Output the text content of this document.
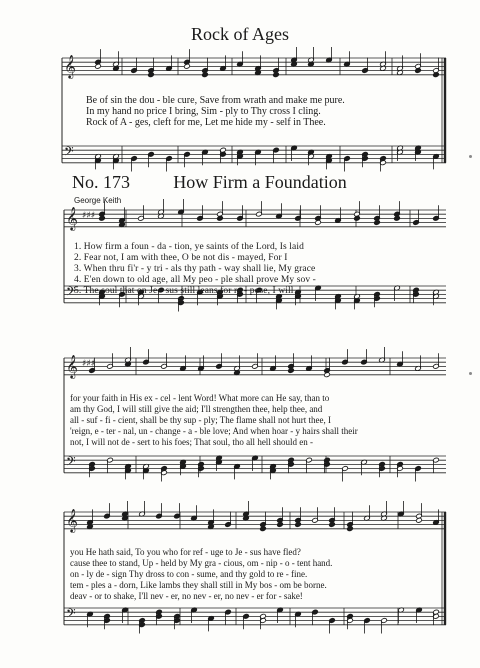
𝄞
𝄢
𝄞
𝄢
𝄞
𝄢
𝄞
𝄢
♯♯♯
♯♯♯
Rock of Ages
Be of sin the dou - ble cure, Save from wrath and make me pure.
In my hand no price I bring, Sim - ply to Thy cross I cling.
Rock of A - ges, cleft for me, Let me hide my - self in Thee.
No. 173	How Firm a Foundation
George Keith
1. How firm a foun - da - tion, ye saints of the Lord, Is laid
2. Fear not, I am with thee, O be not dis - mayed, For I
3. When thru fi'r - y tri - als thy path - way shall lie, My grace
4. E'en down to old age, all My peo - ple shall prove My sov -
5. The soul that on Je - sus still leans for re - pose, I will
for your faith in His ex - cel - lent Word! What more can He say, than to
am thy God, I will still give the aid; I'll strengthen thee, help thee, and
all - suf - fi - cient, shall be thy sup - ply; The flame shall not hurt thee, I
'reign, e - ter - nal, un - change - a - ble love; And when hoar - y hairs shall their
not, I will not de - sert to his foes; That soul, tho all hell should en -
you He hath said, To you who for ref - uge to Je - sus have fled?
cause thee to stand, Up - held by My gra - cious, om - nip - o - tent hand.
on - ly de - sign Thy dross to con - sume, and thy gold to re - fine.
tem - ples a - dorn, Like lambs they shall still in My bos - om be borne.
deav - or to shake, I'll nev - er, no nev - er, no nev - er for - sake!
